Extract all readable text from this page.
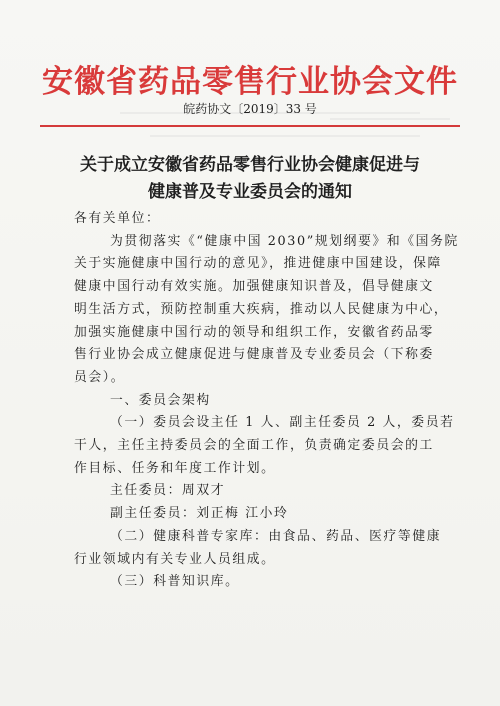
安徽省药品零售行业协会文件
皖药协文〔2019〕33 号
关于成立安徽省药品零售行业协会健康促进与
健康普及专业委员会的通知
各有关单位：
为贯彻落实《“健康中国 2030”规划纲要》和《国务院
关于实施健康中国行动的意见》，推进健康中国建设，保障
健康中国行动有效实施。加强健康知识普及，倡导健康文
明生活方式，预防控制重大疾病，推动以人民健康为中心，
加强实施健康中国行动的领导和组织工作，安徽省药品零
售行业协会成立健康促进与健康普及专业委员会（下称委
员会）。
一、委员会架构
（一）委员会设主任 1 人、副主任委员 2 人，委员若
干人，主任主持委员会的全面工作，负责确定委员会的工
作目标、任务和年度工作计划。
主任委员：周双才
副主任委员：刘正梅 江小玲
（二）健康科普专家库：由食品、药品、医疗等健康
行业领域内有关专业人员组成。
（三）科普知识库。
